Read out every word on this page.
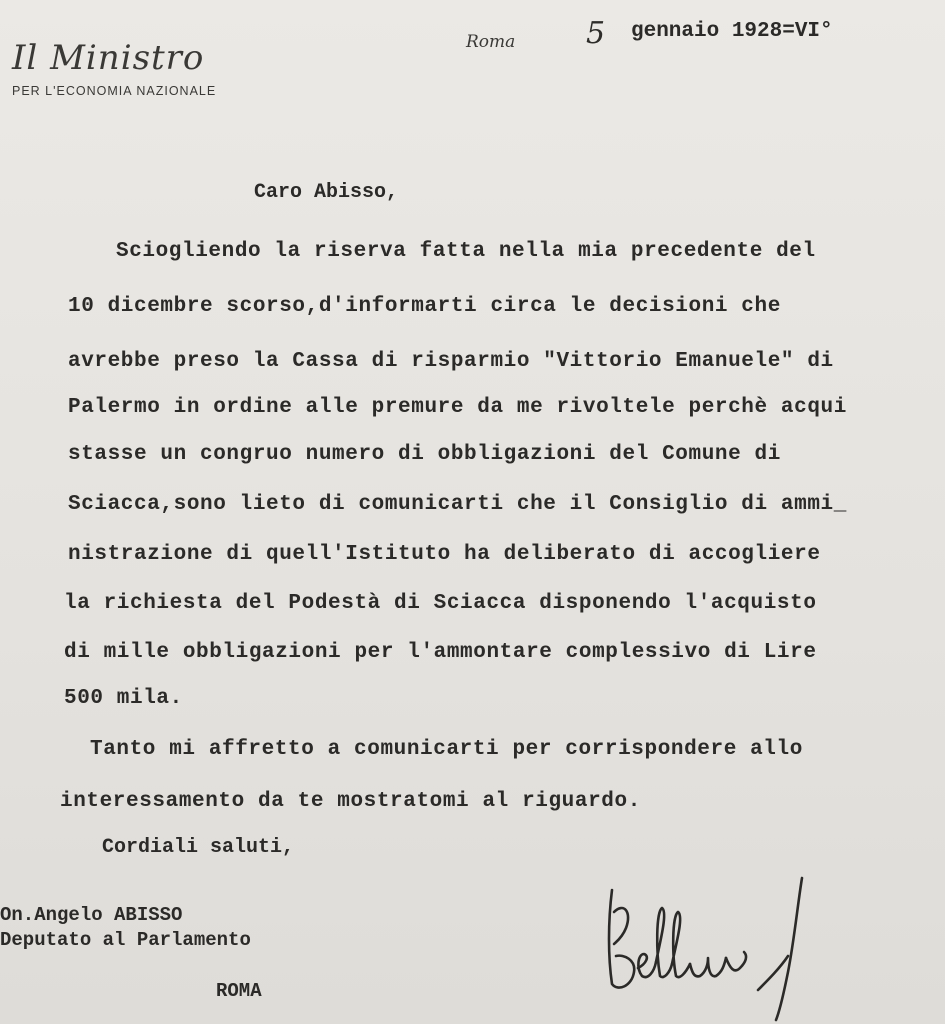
Il Ministro
PER L'ECONOMIA NAZIONALE
Roma 5 gennaio 1928=VI°
Caro Abisso,
Sciogliendo la riserva fatta nella mia precedente del
10 dicembre scorso,d'informarti circa le decisioni che
avrebbe preso la Cassa di risparmio "Vittorio Emanuele" di
Palermo in ordine alle premure da me rivoltele perchè acqui
stasse un congruo numero di obbligazioni del Comune di
Sciacca,sono lieto di comunicarti che il Consiglio di ammi_
nistrazione di quell'Istituto ha deliberato di accogliere
la richiesta del Podestà di Sciacca disponendo l'acquisto
di mille obbligazioni per l'ammontare complessivo di Lire
500 mila.
Tanto mi affretto a comunicarti per corrispondere allo
interessamento da te mostratomi al riguardo.
Cordiali saluti,
On.Angelo ABISSO
Deputato al Parlamento
ROMA
